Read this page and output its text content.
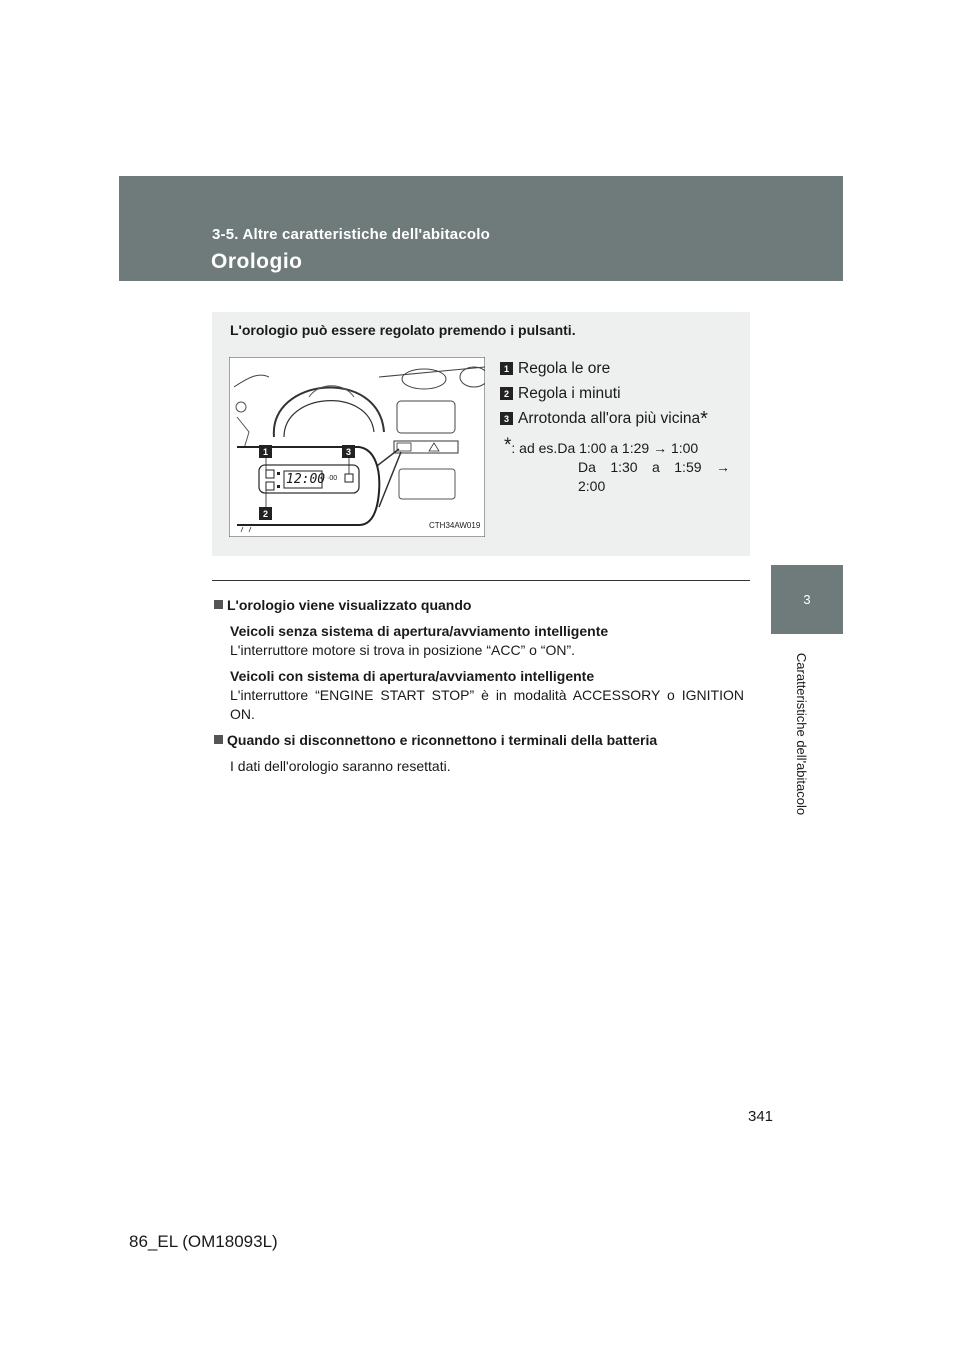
3-5. Altre caratteristiche dell'abitacolo
Orologio
3
Caratteristiche dell'abitacolo
L'orologio può essere regolato premendo i pulsanti.
12:00 ·00
1
2
3
CTH34AW019
1 Regola le ore
2 Regola i minuti
3 Arrotonda all'ora più vicina *
*: ad es.Da 1:00 a 1:29 → 1:00
Da 1:30 a 1:59 →
2:00
L'orologio viene visualizzato quando
Veicoli senza sistema di apertura/avviamento intelligente
L'interruttore motore si trova in posizione “ACC” o “ON”.
Veicoli con sistema di apertura/avviamento intelligente
L'interruttore “ENGINE START STOP” è in modalità ACCESSORY o IGNITION ON.
Quando si disconnettono e riconnettono i terminali della batteria
I dati dell'orologio saranno resettati.
341
86_EL (OM18093L)
